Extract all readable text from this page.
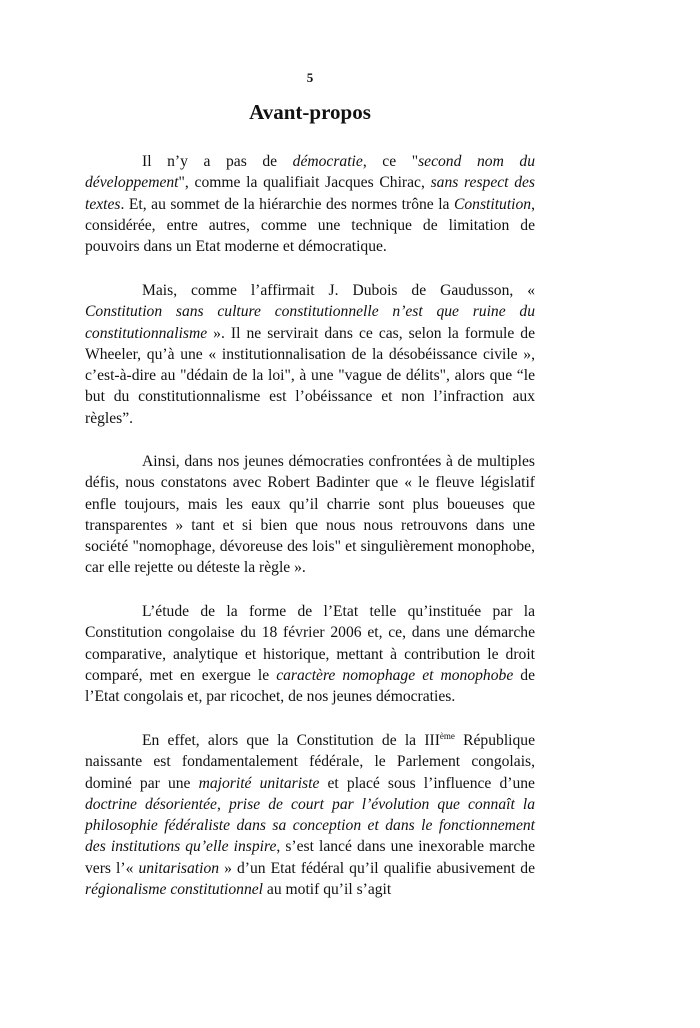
5
Avant-propos

Il n’y a pas de démocratie, ce "second nom du développement", comme la qualifiait Jacques Chirac, sans respect des textes. Et, au sommet de la hiérarchie des normes trône la Constitution, considérée, entre autres, comme une technique de limitation de pouvoirs dans un Etat moderne et démocratique.

Mais, comme l’affirmait J. Dubois de Gaudusson, « Constitution sans culture constitutionnelle n’est que ruine du constitutionnalisme ». Il ne servirait dans ce cas, selon la formule de Wheeler, qu’à une « institutionnalisation de la désobéissance civile », c’est-à-dire au "dédain de la loi", à une "vague de délits", alors que “le but du constitutionnalisme est l’obéissance et non l’infraction aux règles”.

Ainsi, dans nos jeunes démocraties confrontées à de multiples défis, nous constatons avec Robert Badinter que « le fleuve législatif enfle toujours, mais les eaux qu’il charrie sont plus boueuses que transparentes » tant et si bien que nous nous retrouvons dans une société "nomophage, dévoreuse des lois" et singulièrement monophobe, car elle rejette ou déteste la règle ».

L’étude de la forme de l’Etat telle qu’instituée par la Constitution congolaise du 18 février 2006 et, ce, dans une démarche comparative, analytique et historique, mettant à contribution le droit comparé, met en exergue le caractère nomophage et monophobe de l’Etat congolais et, par ricochet, de nos jeunes démocraties.

En effet, alors que la Constitution de la IIIème République naissante est fondamentalement fédérale, le Parlement congolais, dominé par une majorité unitariste et placé sous l’influence d’une doctrine désorientée, prise de court par l’évolution que connaît la philosophie fédéraliste dans sa conception et dans le fonctionnement des institutions qu’elle inspire, s’est lancé dans une inexorable marche vers l’« unitarisation » d’un Etat fédéral qu’il qualifie abusivement de régionalisme constitutionnel au motif qu’il s’agit
